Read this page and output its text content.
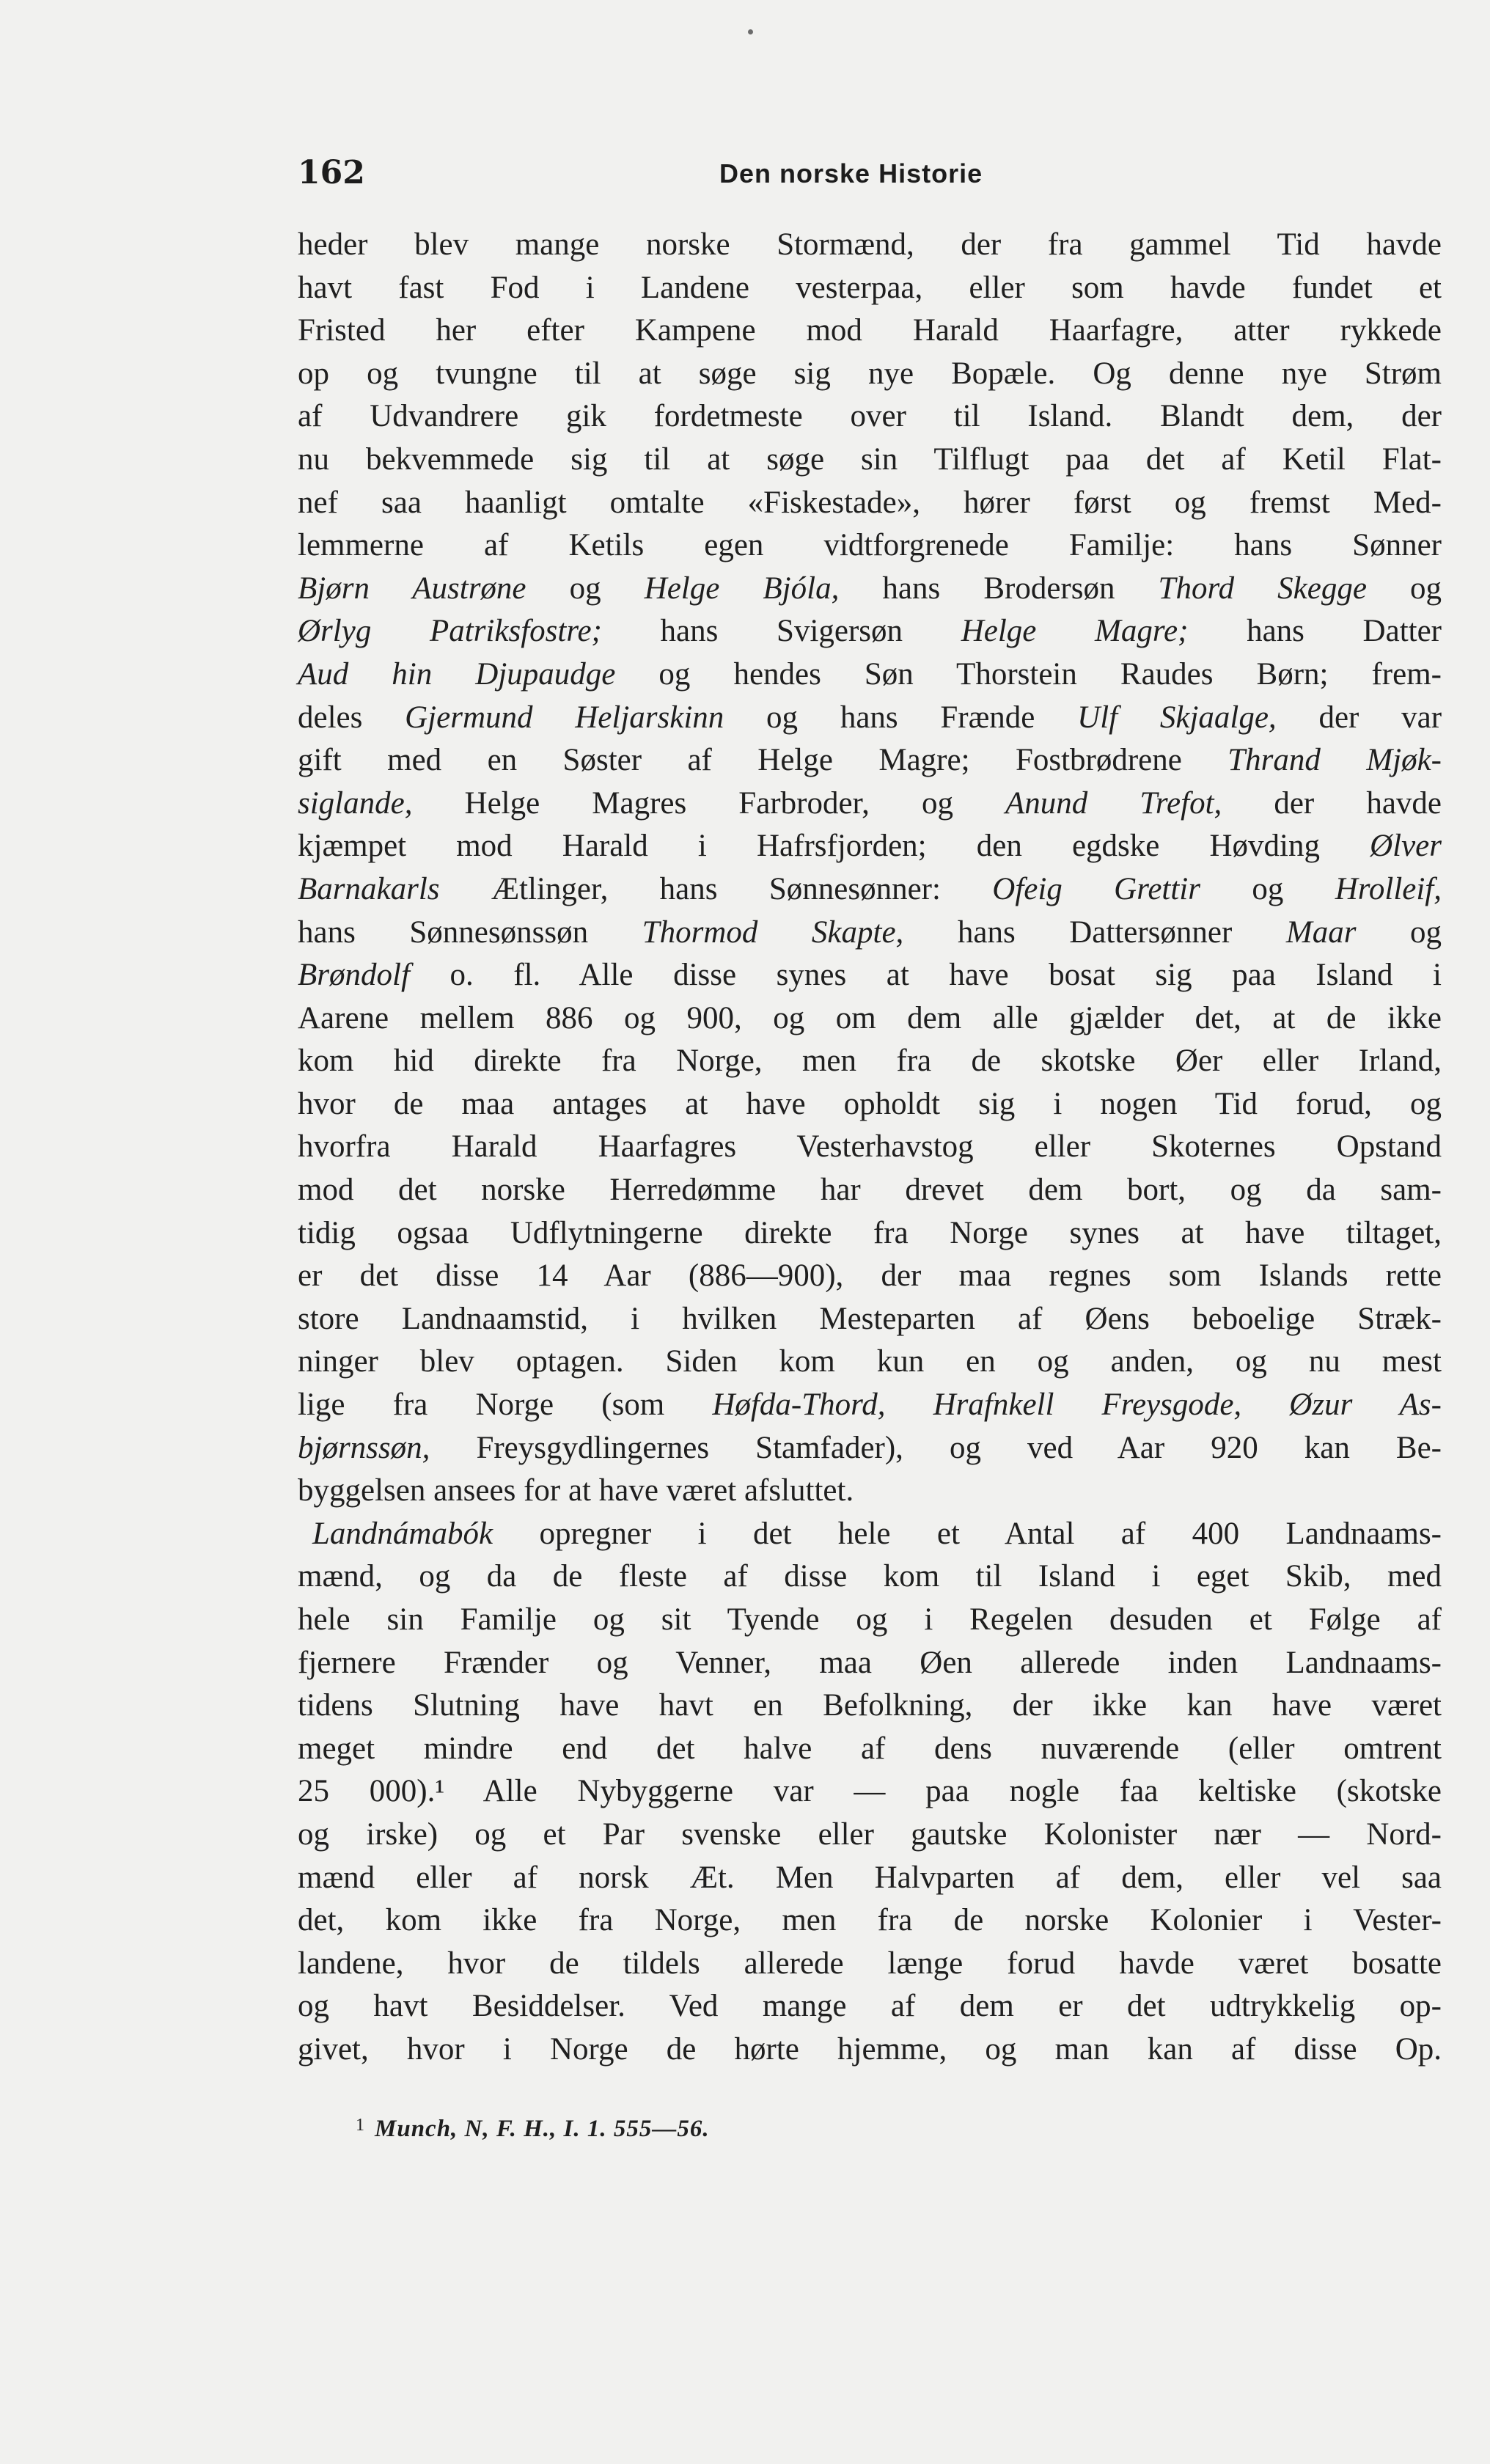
162	Den norske Historie
heder blev mange norske Stormænd, der fra gammel Tid havde
havt fast Fod i Landene vesterpaa, eller som havde fundet et
Fristed her efter Kampene mod Harald Haarfagre, atter rykkede
op og tvungne til at søge sig nye Bopæle. Og denne nye Strøm
af Udvandrere gik fordetmeste over til Island. Blandt dem, der
nu bekvemmede sig til at søge sin Tilflugt paa det af Ketil Flat-
nef saa haanligt omtalte «Fiskestade», hører først og fremst Med-
lemmerne af Ketils egen vidtforgrenede Familje: hans Sønner
Bjørn Austrøne og Helge Bjóla, hans Brodersøn Thord Skegge og
Ørlyg Patriksfostre; hans Svigersøn Helge Magre; hans Datter
Aud hin Djupaudge og hendes Søn Thorstein Raudes Børn; frem-
deles Gjermund Heljarskinn og hans Frænde Ulf Skjaalge, der var
gift med en Søster af Helge Magre; Fostbrødrene Thrand Mjøk-
siglande, Helge Magres Farbroder, og Anund Trefot, der havde
kjæmpet mod Harald i Hafrsfjorden; den egdske Høvding Ølver
Barnakarls Ætlinger, hans Sønnesønner: Ofeig Grettir og Hrolleif,
hans Sønnesønssøn Thormod Skapte, hans Dattersønner Maar og
Brøndolf o. fl. Alle disse synes at have bosat sig paa Island i
Aarene mellem 886 og 900, og om dem alle gjælder det, at de ikke
kom hid direkte fra Norge, men fra de skotske Øer eller Irland,
hvor de maa antages at have opholdt sig i nogen Tid forud, og
hvorfra Harald Haarfagres Vesterhavstog eller Skoternes Opstand
mod det norske Herredømme har drevet dem bort, og da sam-
tidig ogsaa Udflytningerne direkte fra Norge synes at have tiltaget,
er det disse 14 Aar (886—900), der maa regnes som Islands rette
store Landnaamstid, i hvilken Mesteparten af Øens beboelige Stræk-
ninger blev optagen. Siden kom kun en og anden, og nu mest
lige fra Norge (som Høfda-Thord, Hrafnkell Freysgode, Øzur As-
bjørnssøn, Freysgydlingernes Stamfader), og ved Aar 920 kan Be-
byggelsen ansees for at have været afsluttet.
Landnámabók opregner i det hele et Antal af 400 Landnaams-
mænd, og da de fleste af disse kom til Island i eget Skib, med
hele sin Familje og sit Tyende og i Regelen desuden et Følge af
fjernere Frænder og Venner, maa Øen allerede inden Landnaams-
tidens Slutning have havt en Befolkning, der ikke kan have været
meget mindre end det halve af dens nuværende (eller omtrent
25 000).¹ Alle Nybyggerne var — paa nogle faa keltiske (skotske
og irske) og et Par svenske eller gautske Kolonister nær — Nord-
mænd eller af norsk Æt. Men Halvparten af dem, eller vel saa
det, kom ikke fra Norge, men fra de norske Kolonier i Vester-
landene, hvor de tildels allerede længe forud havde været bosatte
og havt Besiddelser. Ved mange af dem er det udtrykkelig op-
givet, hvor i Norge de hørte hjemme, og man kan af disse Op.
$^1$ Munch, N, F. H., I. 1. 555—56.
